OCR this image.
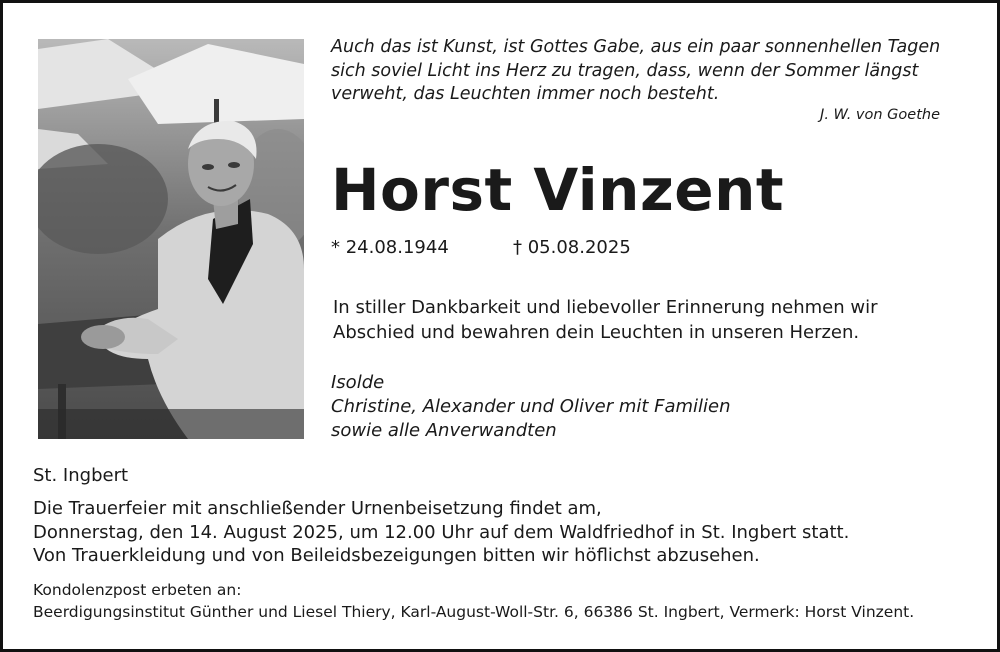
Auch das ist Kunst, ist Gottes Gabe, aus ein paar sonnenhellen Tagen
sich soviel Licht ins Herz zu tragen, dass, wenn der Sommer längst
verweht, das Leuchten immer noch besteht.
J. W. von Goethe
Horst Vinzent
* 24.08.1944	† 05.08.2025
In stiller Dankbarkeit und liebevoller Erinnerung nehmen wir
Abschied und bewahren dein Leuchten in unseren Herzen.
Isolde
Christine, Alexander und Oliver mit Familien
sowie alle Anverwandten
St. Ingbert
Die Trauerfeier mit anschließender Urnenbeisetzung findet am,
Donnerstag, den 14. August 2025, um 12.00 Uhr auf dem Waldfriedhof in St. Ingbert statt.
Von Trauerkleidung und von Beileidsbezeigungen bitten wir höflichst abzusehen.
Kondolenzpost erbeten an:
Beerdigungsinstitut Günther und Liesel Thiery, Karl-August-Woll-Str. 6, 66386 St. Ingbert, Vermerk: Horst Vinzent.
